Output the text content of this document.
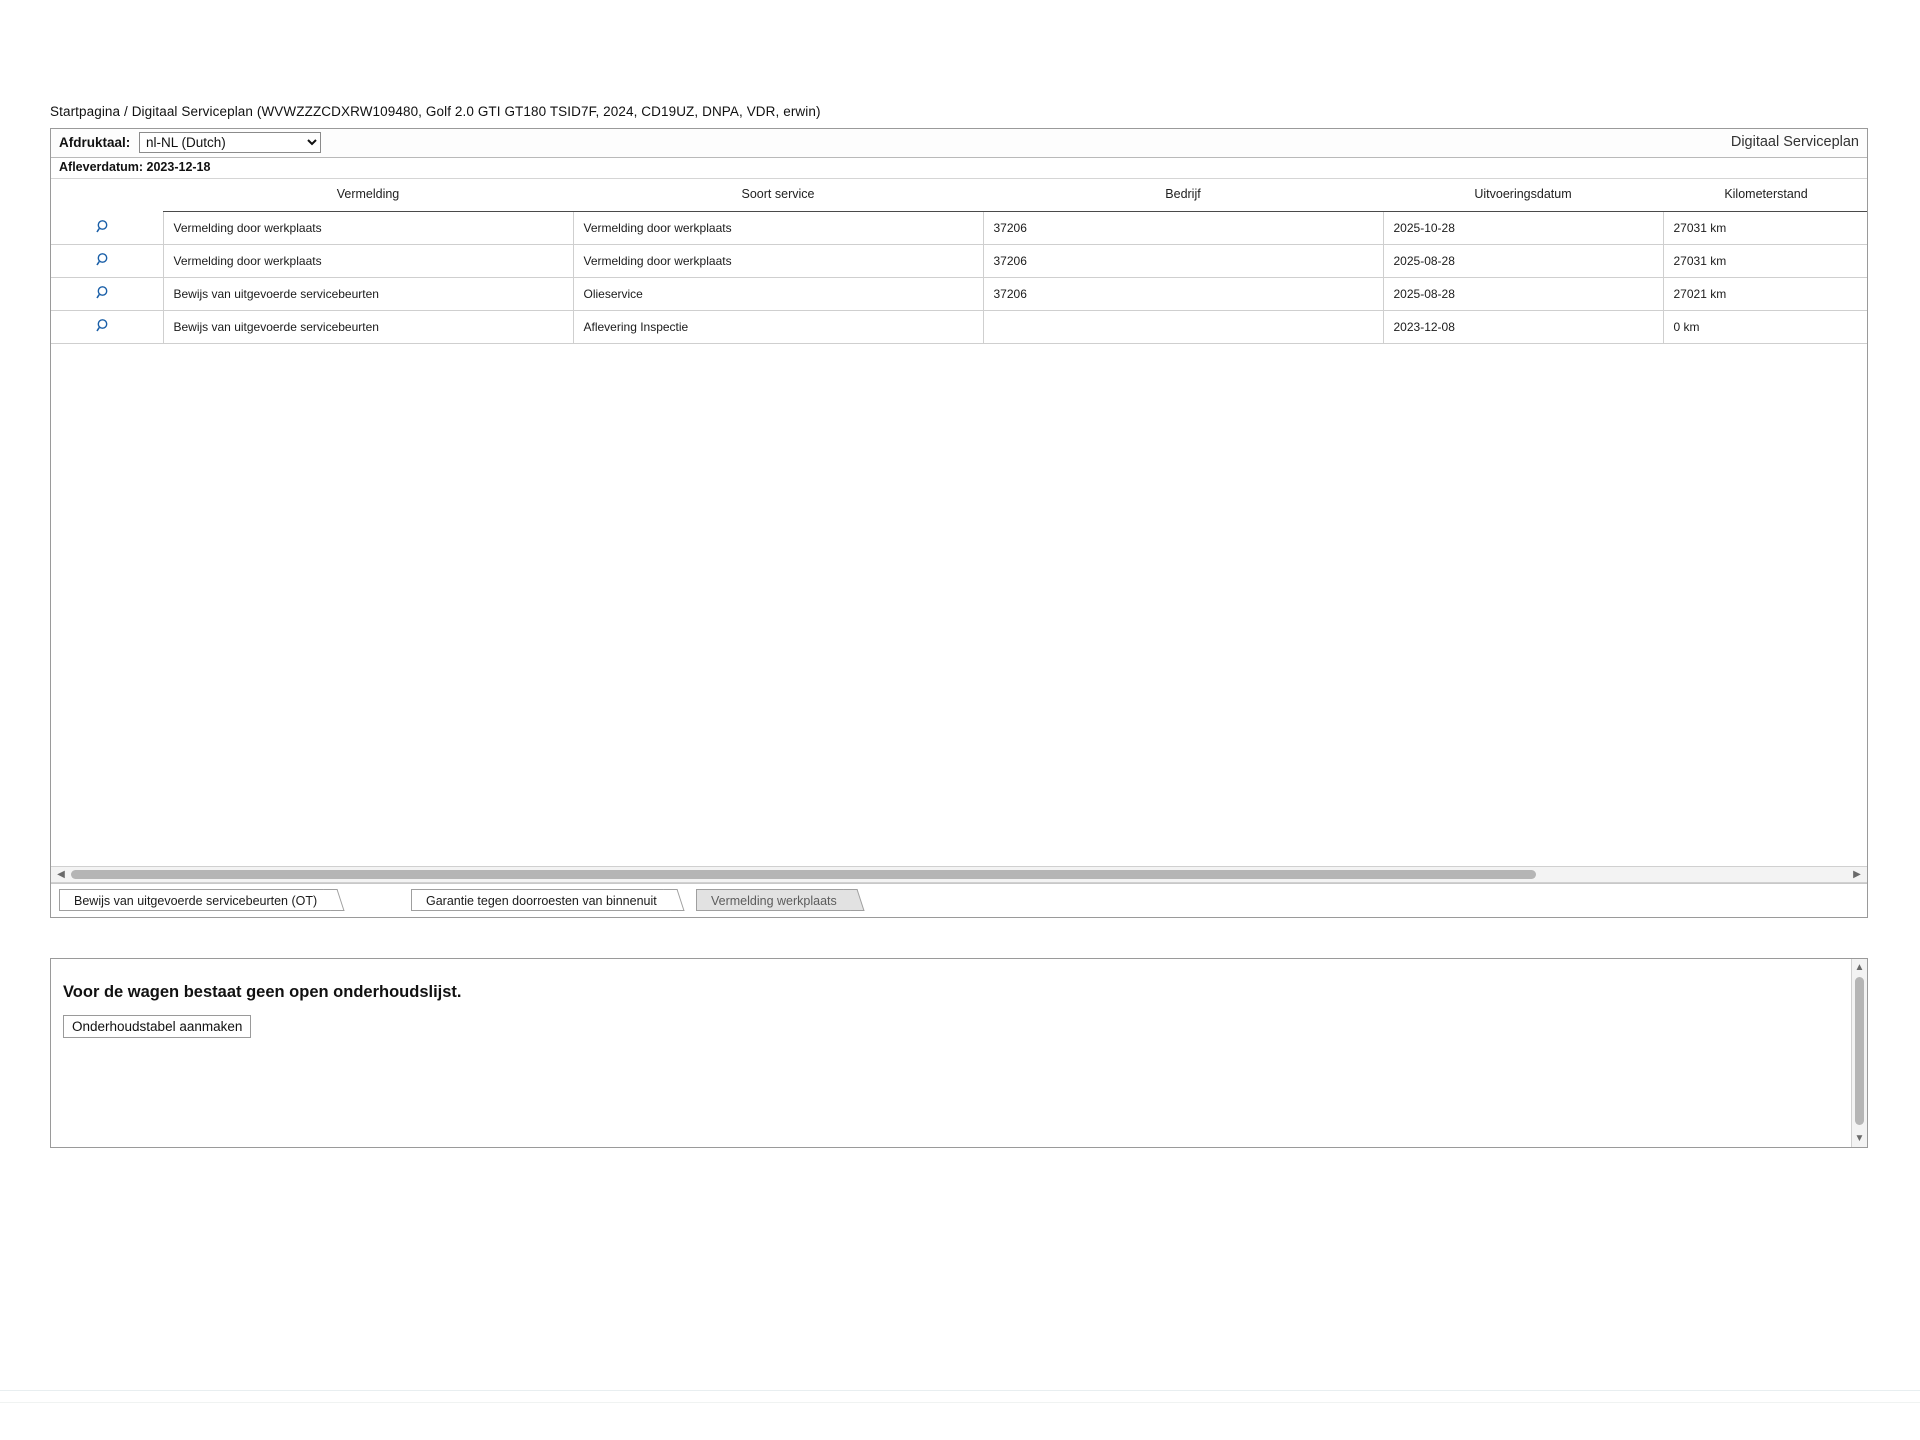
Startpagina / Digitaal Serviceplan (WVWZZZCDXRW109480, Golf 2.0 GTI GT180 TSID7F, 2024, CD19UZ, DNPA, VDR, erwin)
Afdruktaal:
nl-NL (Dutch)	Digitaal Serviceplan
Afleverdatum: 2023-12-18
	Vermelding	Soort service	Bedrijf	Uitvoeringsdatum	Kilometerstand

	Vermelding door werkplaats	Vermelding door werkplaats	37206	2025-10-28	27031 km

	Vermelding door werkplaats	Vermelding door werkplaats	37206	2025-08-28	27031 km

	Bewijs van uitgevoerde servicebeurten	Olieservice	37206	2025-08-28	27021 km

	Bewijs van uitgevoerde servicebeurten	Aflevering Inspectie		2023-12-08	0 km
◀	▶
Bewijs van uitgevoerde servicebeurten (OT)	Garantie tegen doorroesten van binnenuit	Vermelding werkplaats
Voor de wagen bestaat geen open onderhoudslijst.
Onderhoudstabel aanmaken
▲
▼
